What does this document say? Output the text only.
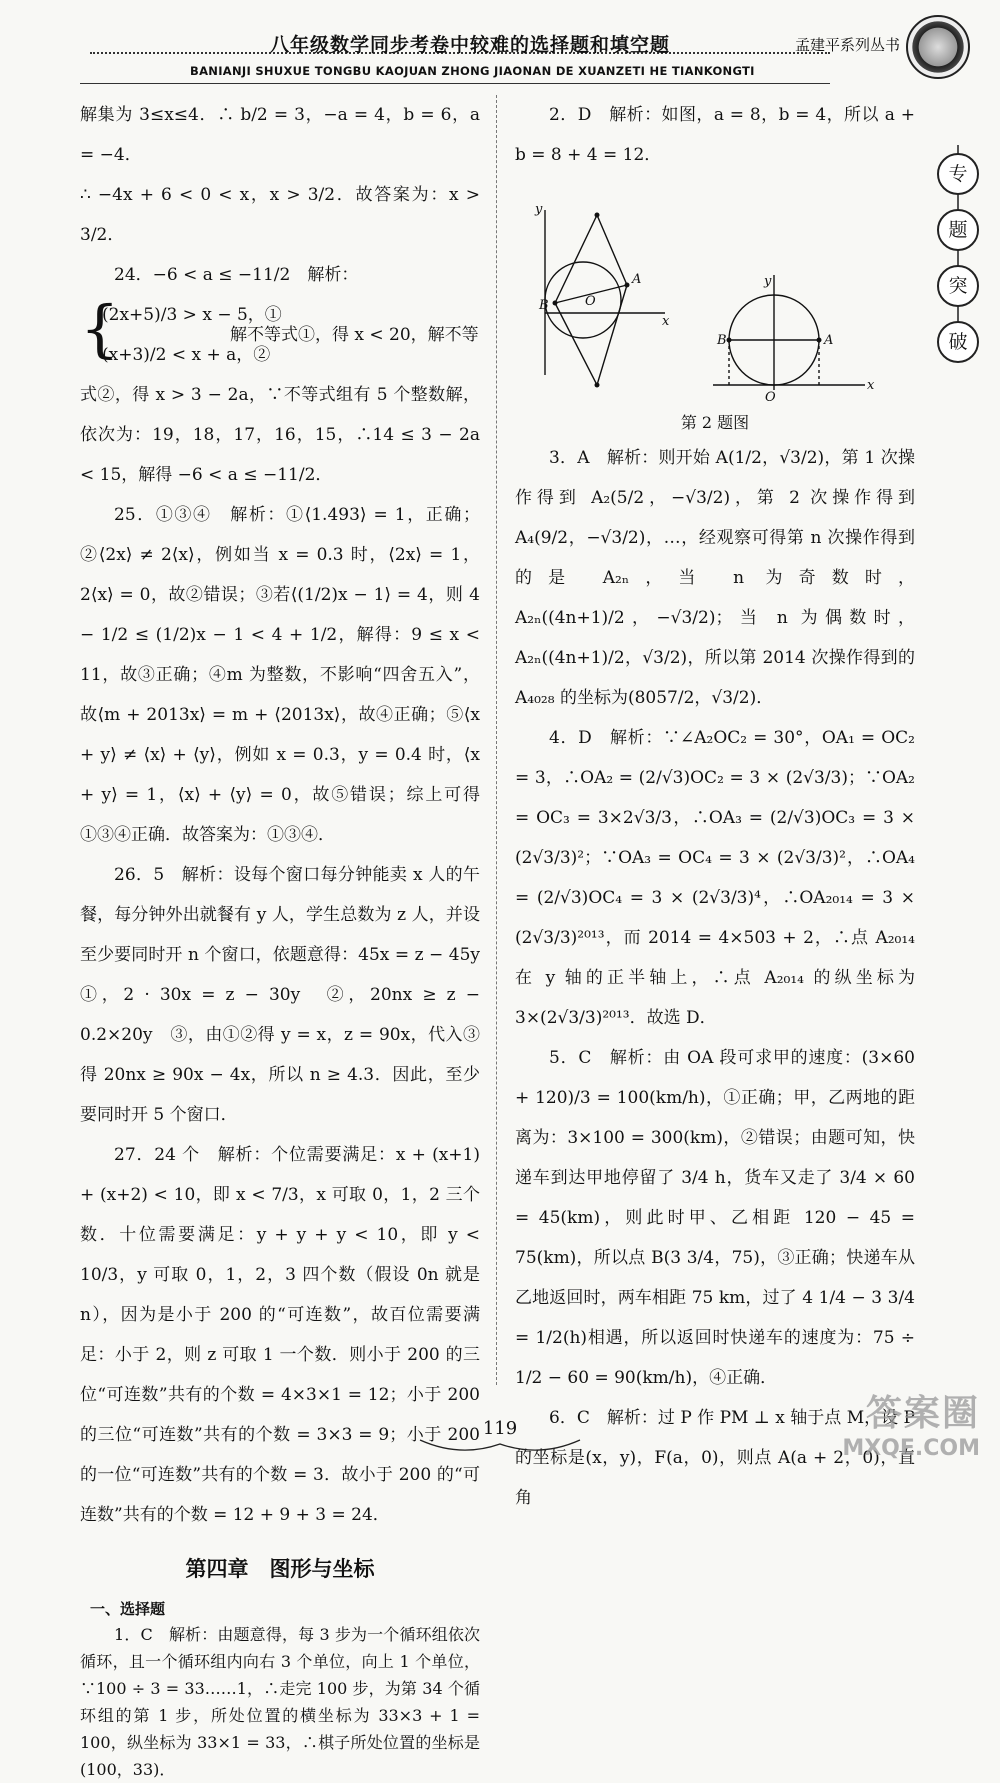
八年级数学同步考卷中较难的选择题和填空题	孟建平系列丛书
BANIANJI SHUXUE TONGBU KAOJUAN ZHONG JIAONAN DE XUANZETI HE TIANKONGTI
专
题
突
破

解集为 3≤x≤4．∴ b/2 = 3，−a = 4，b = 6，a = −4．

∴ −4x + 6 < 0 < x，x > 3/2．故答案为：x > 3/2．

24．−6 < a ≤ −11/2　解析：

{
(2x+5)/3 > x − 5，①
(x+3)/2 < x + a，②
解不等式①，得 x < 20，解不等

式②，得 x > 3 − 2a，∵不等式组有 5 个整数解，依次为：19，18，17，16，15，∴14 ≤ 3 − 2a < 15，解得 −6 < a ≤ −11/2．

25．①③④　解析：①⟨1.493⟩ = 1，正确；②⟨2x⟩ ≠ 2⟨x⟩，例如当 x = 0.3 时，⟨2x⟩ = 1，2⟨x⟩ = 0，故②错误；③若⟨(1/2)x − 1⟩ = 4，则 4 − 1/2 ≤ (1/2)x − 1 < 4 + 1/2，解得：9 ≤ x < 11，故③正确；④m 为整数，不影响“四舍五入”，故⟨m + 2013x⟩ = m + ⟨2013x⟩，故④正确；⑤⟨x + y⟩ ≠ ⟨x⟩ + ⟨y⟩，例如 x = 0.3，y = 0.4 时，⟨x + y⟩ = 1，⟨x⟩ + ⟨y⟩ = 0，故⑤错误；综上可得①③④正确．故答案为：①③④．

26．5　解析：设每个窗口每分钟能卖 x 人的午餐，每分钟外出就餐有 y 人，学生总数为 z 人，并设至少要同时开 n 个窗口，依题意得：45x = z − 45y　①，2 · 30x = z − 30y　②，20nx ≥ z − 0.2×20y　③，由①②得 y = x，z = 90x，代入③得 20nx ≥ 90x − 4x，所以 n ≥ 4.3．因此，至少要同时开 5 个窗口．

27．24 个　解析：个位需要满足：x + (x+1) + (x+2) < 10，即 x < 7/3，x 可取 0，1，2 三个数．十位需要满足：y + y + y < 10，即 y < 10/3，y 可取 0，1，2，3 四个数（假设 0n 就是 n），因为是小于 200 的“可连数”，故百位需要满足：小于 2，则 z 可取 1 一个数．则小于 200 的三位“可连数”共有的个数 = 4×3×1 = 12；小于 200 的三位“可连数”共有的个数 = 3×3 = 9；小于 200 的一位“可连数”共有的个数 = 3．故小于 200 的“可连数”共有的个数 = 12 + 9 + 3 = 24．

第四章　图形与坐标
一、选择题

1．C　解析：由题意得，每 3 步为一个循环组依次循环，且一个循环组内向右 3 个单位，向上 1 个单位，∵100 ÷ 3 = 33……1，∴走完 100 步，为第 34 个循环组的第 1 步，所处位置的横坐标为 33×3 + 1 = 100，纵坐标为 33×1 = 33，∴棋子所处位置的坐标是(100，33)．

2．D　解析：如图，a = 8，b = 4，所以 a + b = 8 + 4 = 12．

y
A
B	O
x
y
A
B
O
x
第 2 题图

3．A　解析：则开始 A(1/2，√3/2)，第 1 次操作得到 A₂(5/2，−√3/2)，第 2 次操作得到 A₄(9/2，−√3/2)，…，经观察可得第 n 次操作得到的是 A₂ₙ，当 n 为奇数时，A₂ₙ((4n+1)/2，−√3/2)；当 n 为偶数时，A₂ₙ((4n+1)/2，√3/2)，所以第 2014 次操作得到的 A₄₀₂₈ 的坐标为(8057/2，√3/2)．

4．D　解析：∵∠A₂OC₂ = 30°，OA₁ = OC₂ = 3，∴OA₂ = (2/√3)OC₂ = 3 × (2√3/3)；∵OA₂ = OC₃ = 3×2√3/3，∴OA₃ = (2/√3)OC₃ = 3 × (2√3/3)²；∵OA₃ = OC₄ = 3 × (2√3/3)²，∴OA₄ = (2/√3)OC₄ = 3 × (2√3/3)⁴，∴OA₂₀₁₄ = 3 × (2√3/3)²⁰¹³，而 2014 = 4×503 + 2，∴点 A₂₀₁₄ 在 y 轴的正半轴上，∴点 A₂₀₁₄ 的纵坐标为 3×(2√3/3)²⁰¹³．故选 D．

5．C　解析：由 OA 段可求甲的速度：(3×60 + 120)/3 = 100(km/h)，①正确；甲，乙两地的距离为：3×100 = 300(km)，②错误；由题可知，快递车到达甲地停留了 3/4 h，货车又走了 3/4 × 60 = 45(km)，则此时甲、乙相距 120 − 45 = 75(km)，所以点 B(3 3/4，75)，③正确；快递车从乙地返回时，两车相距 75 km，过了 4 1/4 − 3 3/4 = 1/2(h)相遇，所以返回时快递车的速度为：75 ÷ 1/2 − 60 = 90(km/h)，④正确．

6．C　解析：过 P 作 PM ⊥ x 轴于点 M，设 P 的坐标是(x，y)，F(a，0)，则点 A(a + 2，0)，直角

119	答案圈
MXQE.COM
